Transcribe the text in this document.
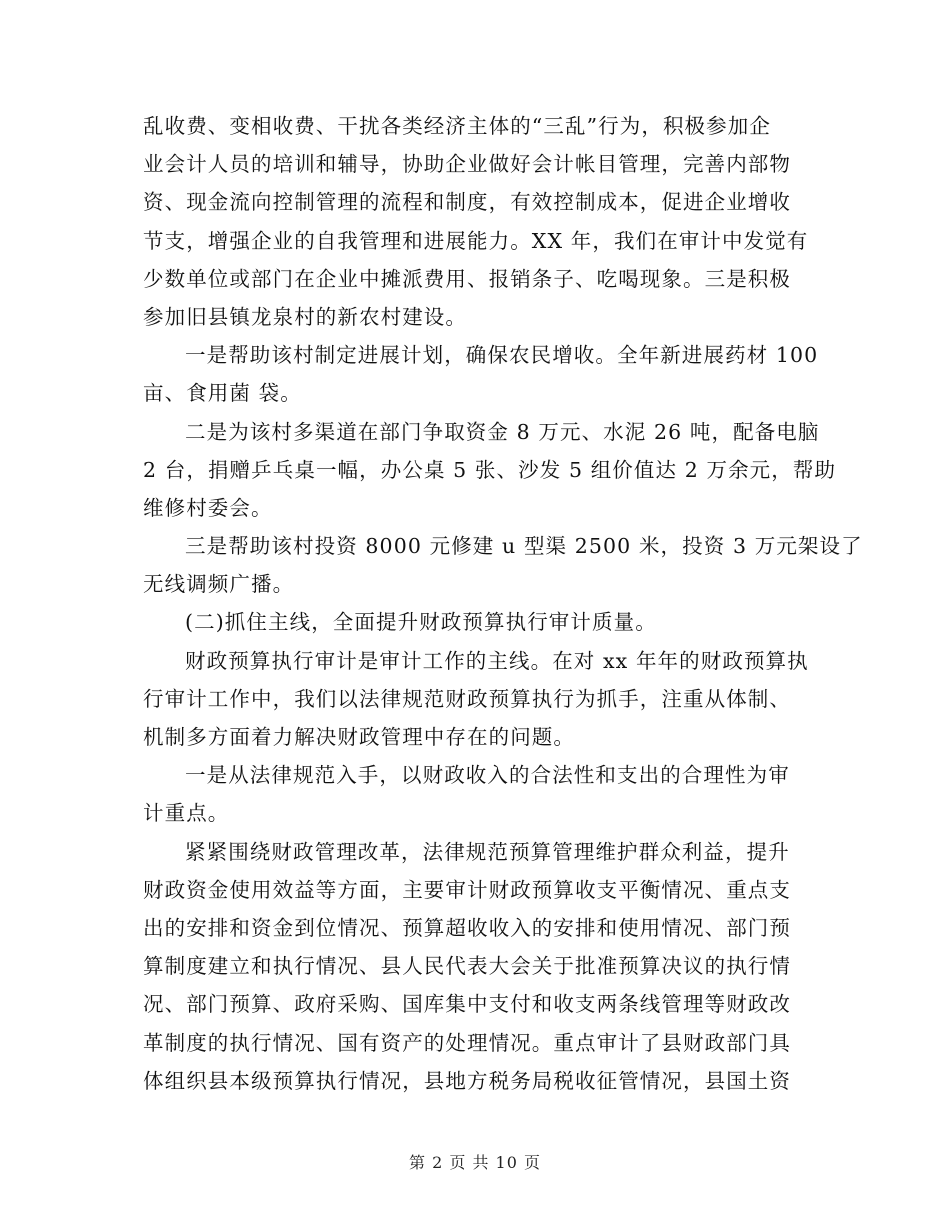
乱收费、变相收费、干扰各类经济主体的“三乱”行为，积极参加企
业会计人员的培训和辅导，协助企业做好会计帐目管理，完善内部物
资、现金流向控制管理的流程和制度，有效控制成本，促进企业增收
节支，增强企业的自我管理和进展能力。XX 年，我们在审计中发觉有
少数单位或部门在企业中摊派费用、报销条子、吃喝现象。三是积极
参加旧县镇龙泉村的新农村建设。
一是帮助该村制定进展计划，确保农民增收。全年新进展药材 100
亩、食用菌 袋。
二是为该村多渠道在部门争取资金 8 万元、水泥 26 吨，配备电脑
2 台，捐赠乒乓桌一幅，办公桌 5 张、沙发 5 组价值达 2 万余元，帮助
维修村委会。
三是帮助该村投资 8000 元修建 u 型渠 2500 米，投资 3 万元架设了
无线调频广播。
(二)抓住主线，全面提升财政预算执行审计质量。
财政预算执行审计是审计工作的主线。在对 xx 年年的财政预算执
行审计工作中，我们以法律规范财政预算执行为抓手，注重从体制、
机制多方面着力解决财政管理中存在的问题。
一是从法律规范入手，以财政收入的合法性和支出的合理性为审
计重点。
紧紧围绕财政管理改革，法律规范预算管理维护群众利益，提升
财政资金使用效益等方面，主要审计财政预算收支平衡情况、重点支
出的安排和资金到位情况、预算超收收入的安排和使用情况、部门预
算制度建立和执行情况、县人民代表大会关于批准预算决议的执行情
况、部门预算、政府采购、国库集中支付和收支两条线管理等财政改
革制度的执行情况、国有资产的处理情况。重点审计了县财政部门具
体组织县本级预算执行情况，县地方税务局税收征管情况，县国土资
第 2 页 共 10 页
